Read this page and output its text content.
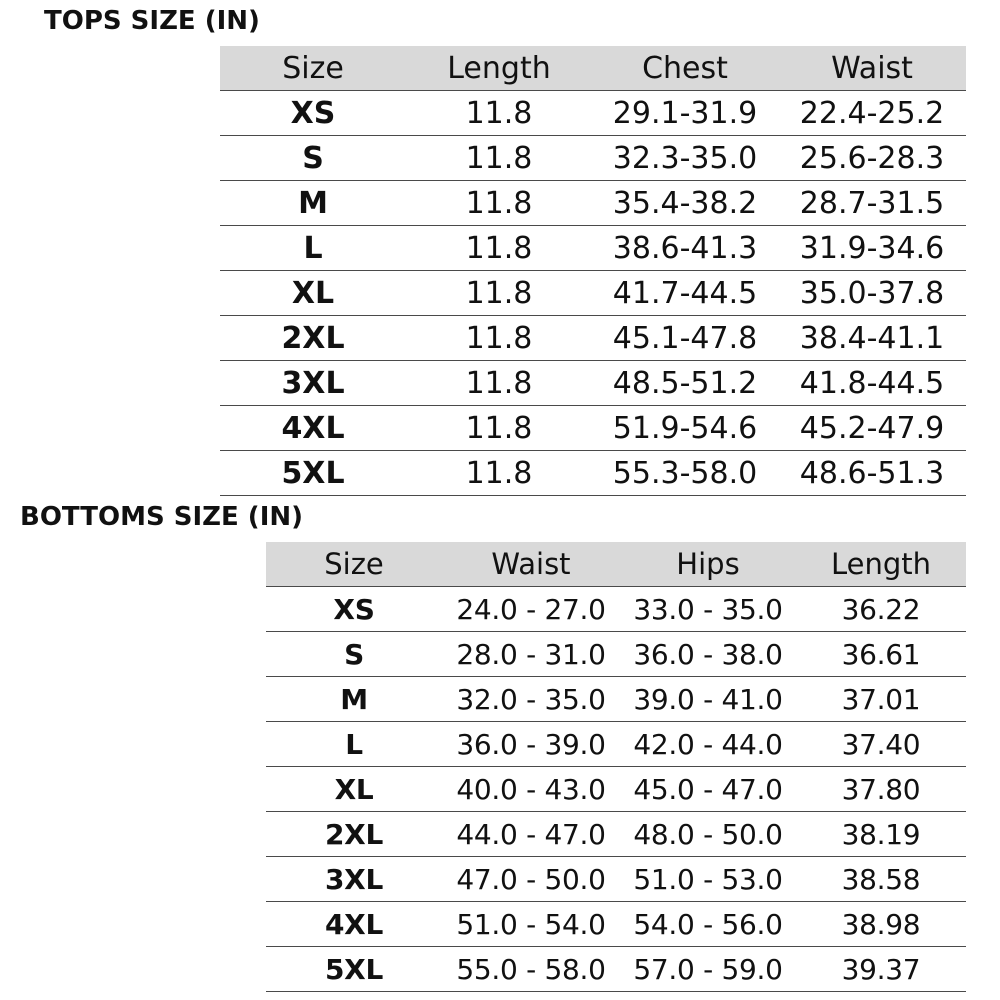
TOPS SIZE (IN)
Size	Length	Chest	Waist
XS	11.8	29.1-31.9	22.4-25.2
S	11.8	32.3-35.0	25.6-28.3
M	11.8	35.4-38.2	28.7-31.5
L	11.8	38.6-41.3	31.9-34.6
XL	11.8	41.7-44.5	35.0-37.8
2XL	11.8	45.1-47.8	38.4-41.1
3XL	11.8	48.5-51.2	41.8-44.5
4XL	11.8	51.9-54.6	45.2-47.9
5XL	11.8	55.3-58.0	48.6-51.3
BOTTOMS SIZE (IN)
Size	Waist	Hips	Length
XS	24.0 - 27.0	33.0 - 35.0	36.22
S	28.0 - 31.0	36.0 - 38.0	36.61
M	32.0 - 35.0	39.0 - 41.0	37.01
L	36.0 - 39.0	42.0 - 44.0	37.40
XL	40.0 - 43.0	45.0 - 47.0	37.80
2XL	44.0 - 47.0	48.0 - 50.0	38.19
3XL	47.0 - 50.0	51.0 - 53.0	38.58
4XL	51.0 - 54.0	54.0 - 56.0	38.98
5XL	55.0 - 58.0	57.0 - 59.0	39.37
